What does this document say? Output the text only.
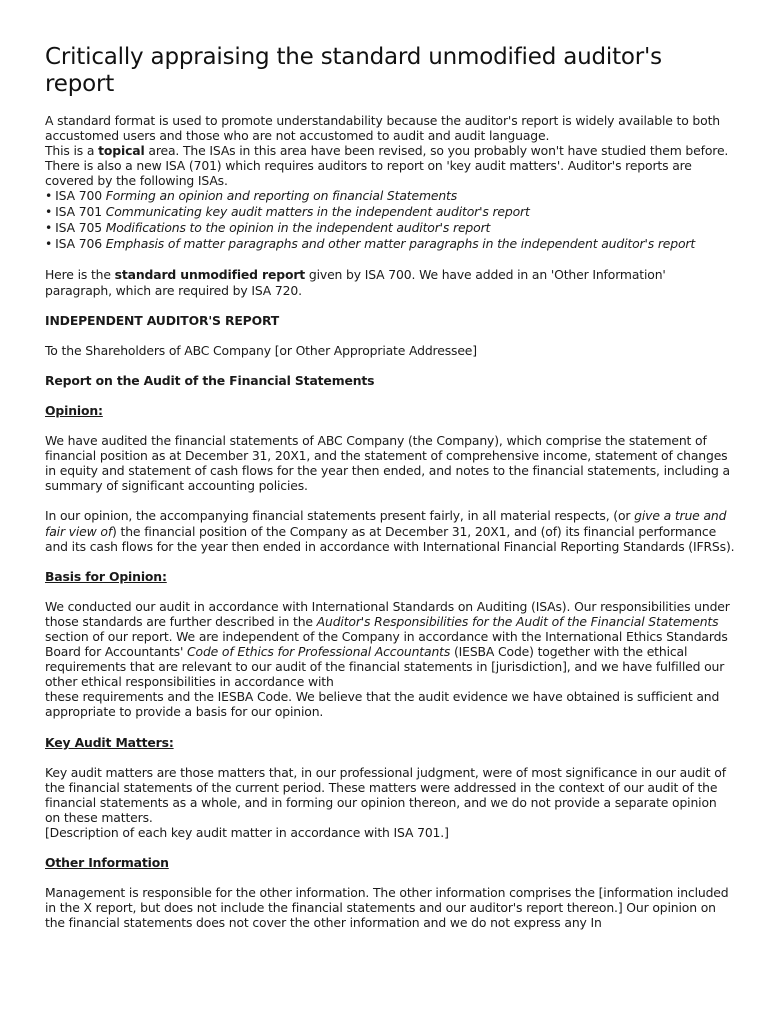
Critically appraising the standard unmodified auditor's report

A standard format is used to promote understandability because the auditor's report is widely available to both accustomed users and those who are not accustomed to audit and audit language.

This is a topical area. The ISAs in this area have been revised, so you probably won't have studied them before. There is also a new ISA (701) which requires auditors to report on 'key audit matters'. Auditor's reports are covered by the following ISAs.

• ISA 700 Forming an opinion and reporting on financial Statements
• ISA 701 Communicating key audit matters in the independent auditor's report
• ISA 705 Modifications to the opinion in the independent auditor's report
• ISA 706 Emphasis of matter paragraphs and other matter paragraphs in the independent auditor's report

Here is the standard unmodified report given by ISA 700. We have added in an 'Other Information' paragraph, which are required by ISA 720.

INDEPENDENT AUDITOR'S REPORT

To the Shareholders of ABC Company [or Other Appropriate Addressee]

Report on the Audit of the Financial Statements

Opinion:

We have audited the financial statements of ABC Company (the Company), which comprise the statement of financial position as at December 31, 20X1, and the statement of comprehensive income, statement of changes in equity and statement of cash flows for the year then ended, and notes to the financial statements, including a summary of significant accounting policies.

In our opinion, the accompanying financial statements present fairly, in all material respects, (or give a true and fair view of) the financial position of the Company as at December 31, 20X1, and (of) its financial performance and its cash flows for the year then ended in accordance with International Financial Reporting Standards (IFRSs).

Basis for Opinion:

We conducted our audit in accordance with International Standards on Auditing (ISAs). Our responsibilities under those standards are further described in the Auditor's Responsibilities for the Audit of the Financial Statements section of our report. We are independent of the Company in accordance with the International Ethics Standards Board for Accountants' Code of Ethics for Professional Accountants (IESBA Code) together with the ethical requirements that are relevant to our audit of the financial statements in [jurisdiction], and we have fulfilled our other ethical responsibilities in accordance with

these requirements and the IESBA Code. We believe that the audit evidence we have obtained is sufficient and appropriate to provide a basis for our opinion.

Key Audit Matters:

Key audit matters are those matters that, in our professional judgment, were of most significance in our audit of the financial statements of the current period. These matters were addressed in the context of our audit of the financial statements as a whole, and in forming our opinion thereon, and we do not provide a separate opinion on these matters.

[Description of each key audit matter in accordance with ISA 701.]

Other Information

Management is responsible for the other information. The other information comprises the [information included in the X report, but does not include the financial statements and our auditor's report thereon.] Our opinion on the financial statements does not cover the other information and we do not express any In
